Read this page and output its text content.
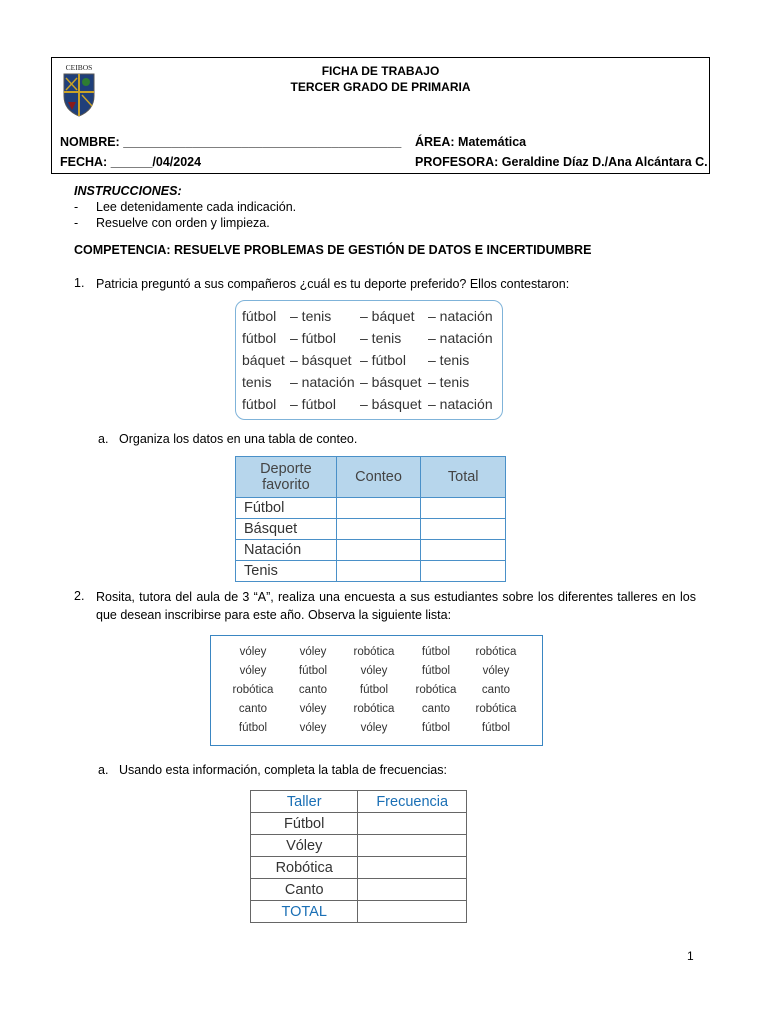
CEIBOS	FICHA DE TRABAJO
TERCER GRADO DE PRIMARIA
NOMBRE: ________________________________________ ÁREA: Matemática
FECHA: ______/04/2024	PROFESORA: Geraldine Díaz D./Ana Alcántara C.
INSTRUCCIONES:
- Lee detenidamente cada indicación.
- Resuelve con orden y limpieza.
COMPETENCIA: RESUELVE PROBLEMAS DE GESTIÓN DE DATOS E INCERTIDUMBRE
1. Patricia preguntó a sus compañeros ¿cuál es tu deporte preferido? Ellos contestaron:
fútbol – tenis – báquet – natación
fútbol – fútbol – tenis – natación
báquet – básquet – fútbol – tenis
tenis – natación – básquet – tenis
fútbol – fútbol – básquet – natación
a. Organiza los datos en una tabla de conteo.
Deporte favorito	Conteo	Total
Fútbol		
Básquet		
Natación		
Tenis		
2. Rosita, tutora del aula de 3 “A”, realiza una encuesta a sus estudiantes sobre los diferentes talleres en los que desean inscribirse para este año. Observa la siguiente lista:
vóley	vóley	robótica	fútbol	robótica
vóley	fútbol	vóley	fútbol	vóley
robótica	canto	fútbol	robótica	canto
canto	vóley	robótica	canto	robótica
fútbol	vóley	vóley	fútbol	fútbol
a. Usando esta información, completa la tabla de frecuencias:
Taller	Frecuencia
Fútbol	
Vóley	
Robótica	
Canto	
TOTAL	
1
